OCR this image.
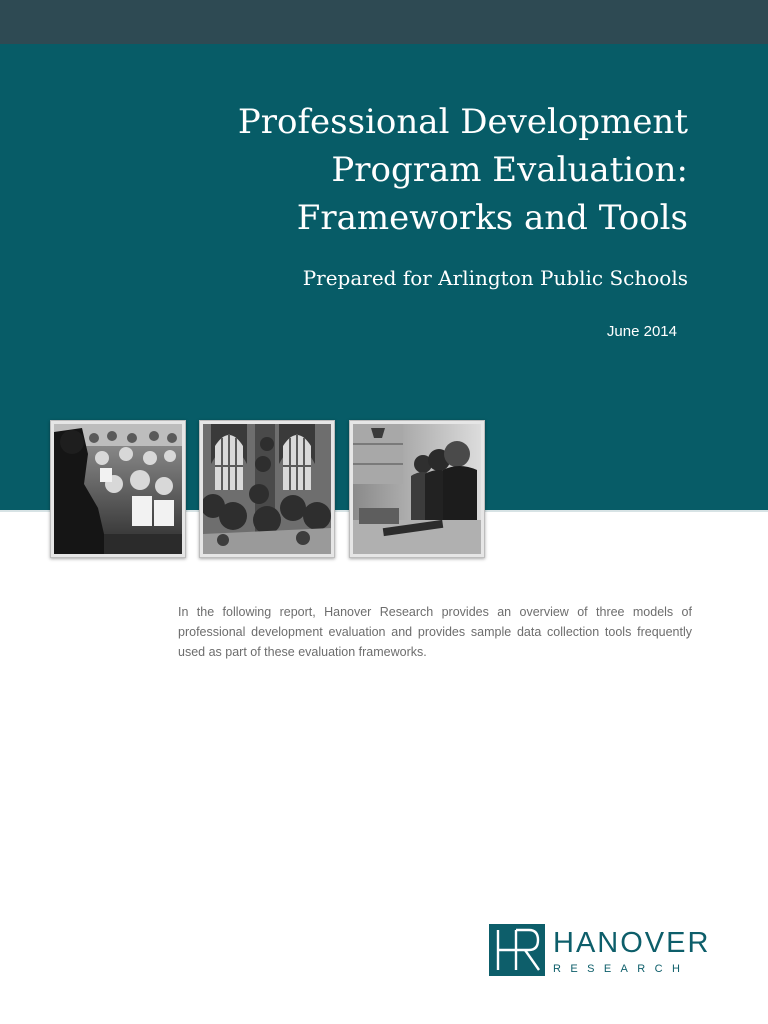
Professional Development
Program Evaluation:
Frameworks and Tools
Prepared for Arlington Public Schools
June 2014

In the following report, Hanover Research provides an overview of three models of professional development evaluation and provides sample data collection tools frequently used as part of these evaluation frameworks.

HANOVER
RESEARCH
